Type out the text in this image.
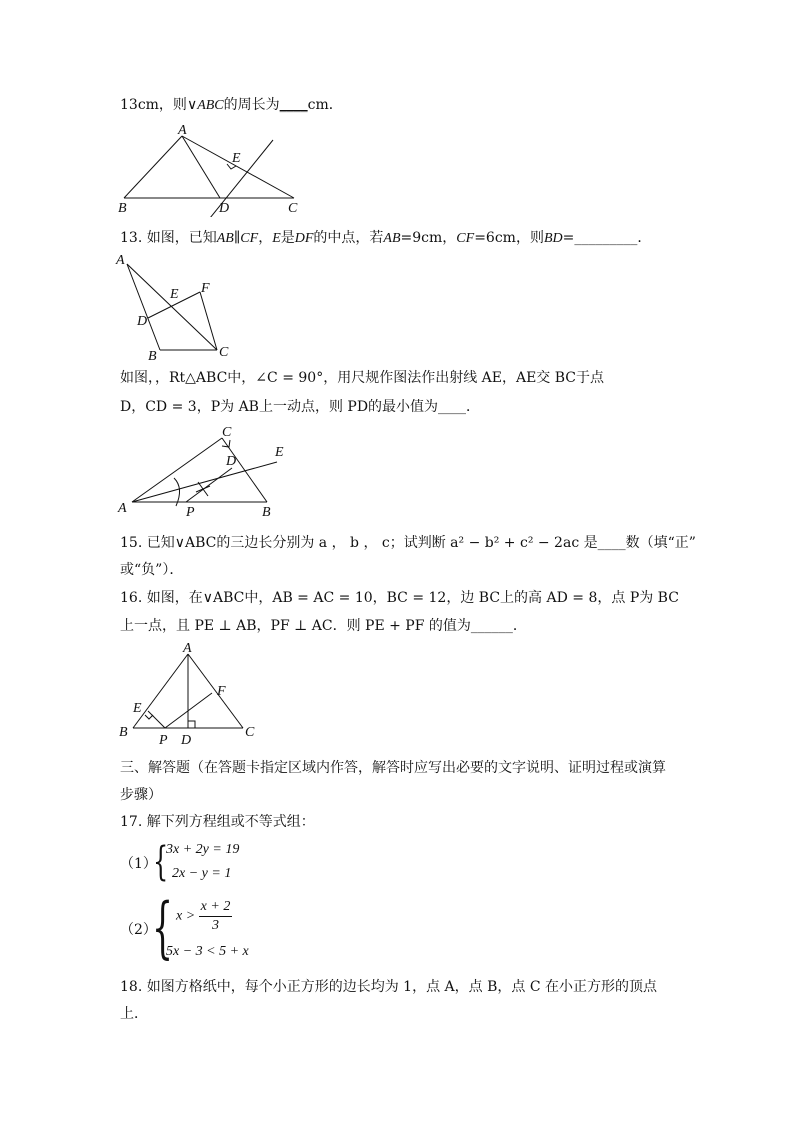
13cm，则∨ABC的周长为____cm．
A
B	C
D
E
13. 如图，已知AB∥CF，E是DF的中点，若AB=9cm，CF=6cm，则BD=_________．
A
B	C
D
E F
如图，，Rt△ABC中，∠C = 90°，用尺规作图法作出射线 AE，AE交 BC于点
D，CD = 3，P为 AB上一动点，则 PD的最小值为____．
A	B
C
D
E
P
15. 已知∨ABC的三边长分别为 a ， b ， c；试判断 a² − b² + c² − 2ac 是____数（填“正”
或“负”）．
16. 如图，在∨ABC中，AB = AC = 10，BC = 12，边 BC上的高 AD = 8，点 P为 BC
上一点，且 PE ⊥ AB，PF ⊥ AC．则 PE + PF 的值为______．
A
B	C
D
E
F
P
三、解答题（在答题卡指定区域内作答，解答时应写出必要的文字说明、证明过程或演算
步骤）
17. 解下列方程组或不等式组：
（1）
{
3x + 2y = 19
2x − y = 1
（2）
{ $x > \frac{x + 2}{3}$
5x − 3 < 5 + x
18. 如图方格纸中，每个小正方形的边长均为 1，点 A，点 B，点 C 在小正方形的顶点
上．
